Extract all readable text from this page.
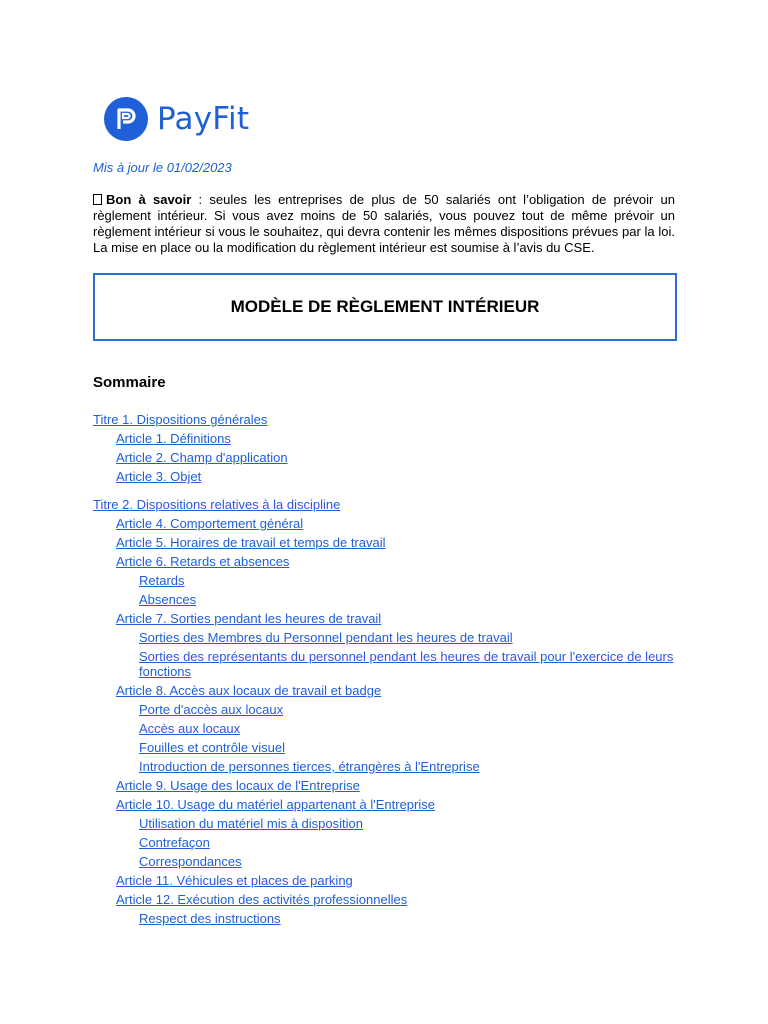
PayFit
Mis à jour le 01/02/2023
Bon à savoir : seules les entreprises de plus de 50 salariés ont l’obligation de prévoir un règlement intérieur. Si vous avez moins de 50 salariés, vous pouvez tout de même prévoir un règlement intérieur si vous le souhaitez, qui devra contenir les mêmes dispositions prévues par la loi. La mise en place ou la modification du règlement intérieur est soumise à l’avis du CSE.
MODÈLE DE RÈGLEMENT INTÉRIEUR
Sommaire
Titre 1. Dispositions générales
Article 1. Définitions
Article 2. Champ d'application
Article 3. Objet
Titre 2. Dispositions relatives à la discipline
Article 4. Comportement général
Article 5. Horaires de travail et temps de travail
Article 6. Retards et absences
Retards
Absences
Article 7. Sorties pendant les heures de travail
Sorties des Membres du Personnel pendant les heures de travail
Sorties des représentants du personnel pendant les heures de travail pour l'exercice de leurs fonctions
Article 8. Accès aux locaux de travail et badge
Porte d'accès aux locaux
Accès aux locaux
Fouilles et contrôle visuel
Introduction de personnes tierces, étrangères à l'Entreprise
Article 9. Usage des locaux de l'Entreprise
Article 10. Usage du matériel appartenant à l'Entreprise
Utilisation du matériel mis à disposition
Contrefaçon
Correspondances
Article 11. Véhicules et places de parking
Article 12. Exécution des activités professionnelles
Respect des instructions
